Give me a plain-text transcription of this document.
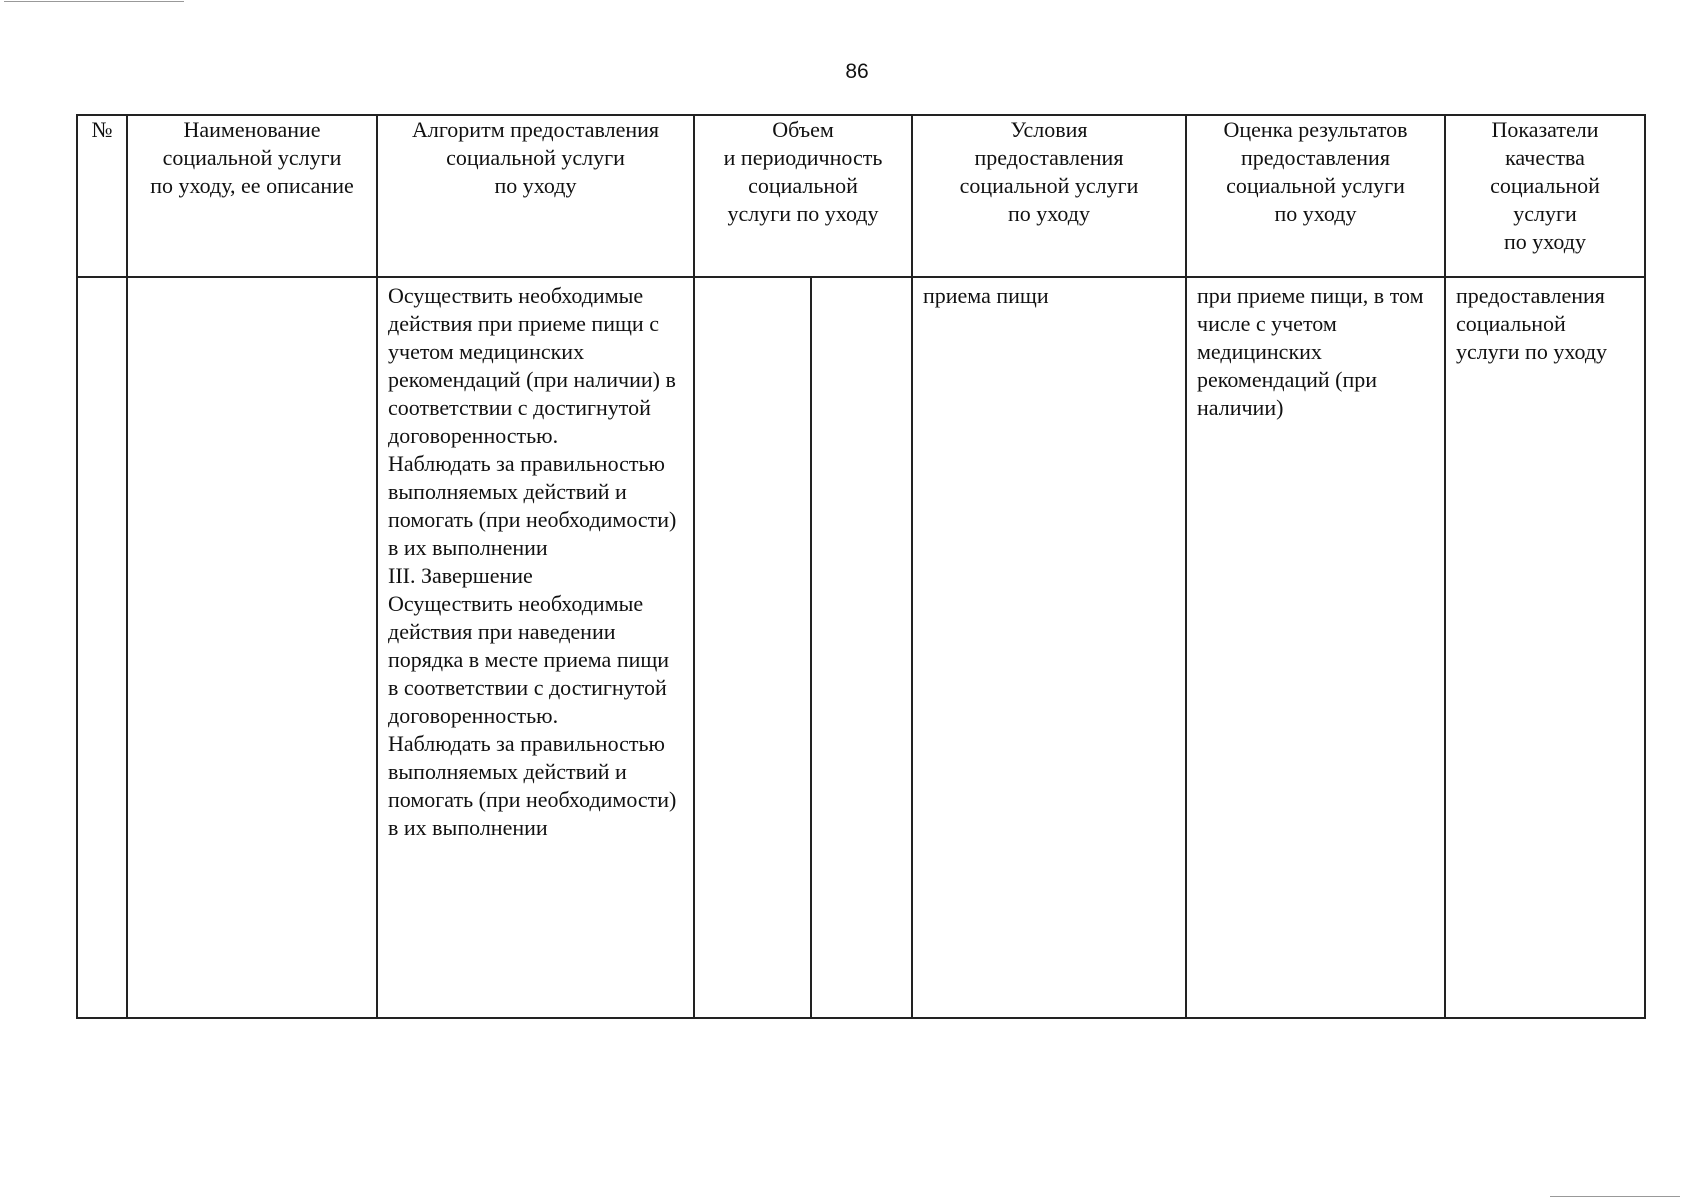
86
№	Наименование
социальной услуги
по уходу, ее описание	Алгоритм предоставления
социальной услуги
по уходу	Объем
и периодичность
социальной
услуги по уходу	Условия
предоставления
социальной услуги
по уходу	Оценка результатов
предоставления
социальной услуги
по уходу	Показатели
качества
социальной
услуги
по уходу

		Осуществить необходимые действия при приеме пищи с учетом медицинских рекомендаций (при наличии) в соответствии с достигнутой договоренностью.
Наблюдать за правильностью выполняемых действий и помогать (при необходимости) в их выполнении
III. Завершение
Осуществить необходимые действия при наведении порядка в месте приема пищи в соответствии с достигнутой договоренностью.
Наблюдать за правильностью выполняемых действий и помогать (при необходимости) в их выполнении		приема пищи	при приеме пищи, в том числе с учетом медицинских рекомендаций (при наличии)	предоставления социальной услуги по уходу
